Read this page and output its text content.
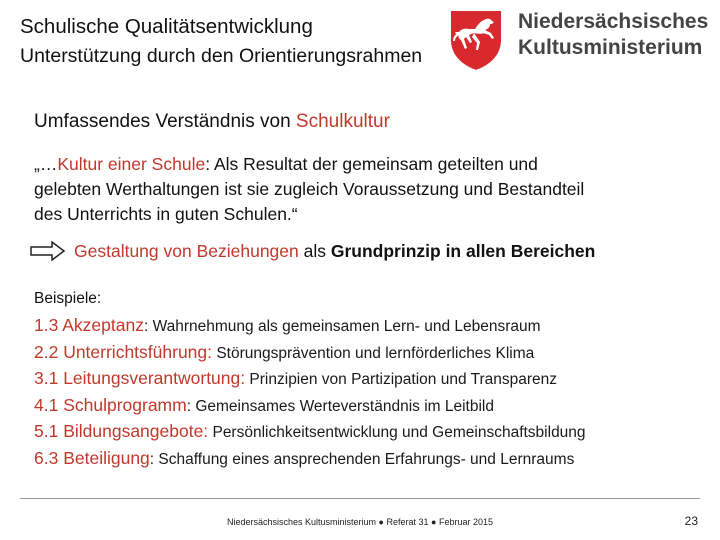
Schulische Qualitätsentwicklung
Unterstützung durch den Orientierungsrahmen
Niedersächsisches
Kultusministerium
Umfassendes Verständnis von Schulkultur
„…Kultur einer Schule: Als Resultat der gemeinsam geteilten und
gelebten Werthaltungen ist sie zugleich Voraussetzung und Bestandteil
des Unterrichts in guten Schulen.“
Gestaltung von Beziehungen als Grundprinzip in allen Bereichen
Beispiele:
1.3 Akzeptanz: Wahrnehmung als gemeinsamen Lern- und Lebensraum
2.2 Unterrichtsführung: Störungsprävention und lernförderliches Klima
3.1 Leitungsverantwortung: Prinzipien von Partizipation und Transparenz
4.1 Schulprogramm: Gemeinsames Werteverständnis im Leitbild
5.1 Bildungsangebote: Persönlichkeitsentwicklung und Gemeinschaftsbildung
6.3 Beteiligung: Schaffung eines ansprechenden Erfahrungs- und Lernraums
Niedersächsisches Kultusministerium ● Referat 31 ● Februar 2015	23
